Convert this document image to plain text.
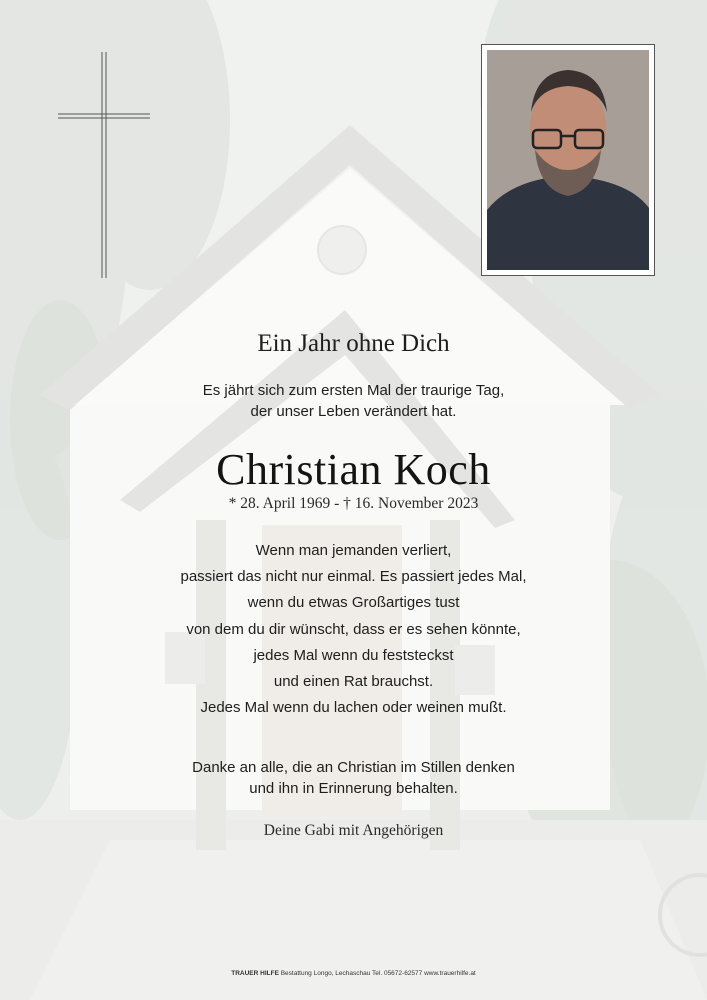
Ein Jahr ohne Dich
Es jährt sich zum ersten Mal der traurige Tag,
der unser Leben verändert hat.
Christian Koch
* 28. April 1969 - † 16. November 2023
Wenn man jemanden verliert,
passiert das nicht nur einmal. Es passiert jedes Mal,
wenn du etwas Großartiges tust
von dem du dir wünscht, dass er es sehen könnte,
jedes Mal wenn du feststeckst
und einen Rat brauchst.
Jedes Mal wenn du lachen oder weinen mußt.
Danke an alle, die an Christian im Stillen denken
und ihn in Erinnerung behalten.
Deine Gabi mit Angehörigen
TRAUER HILFE Bestattung Longo, Lechaschau Tel. 05672-62577 www.trauerhilfe.at
